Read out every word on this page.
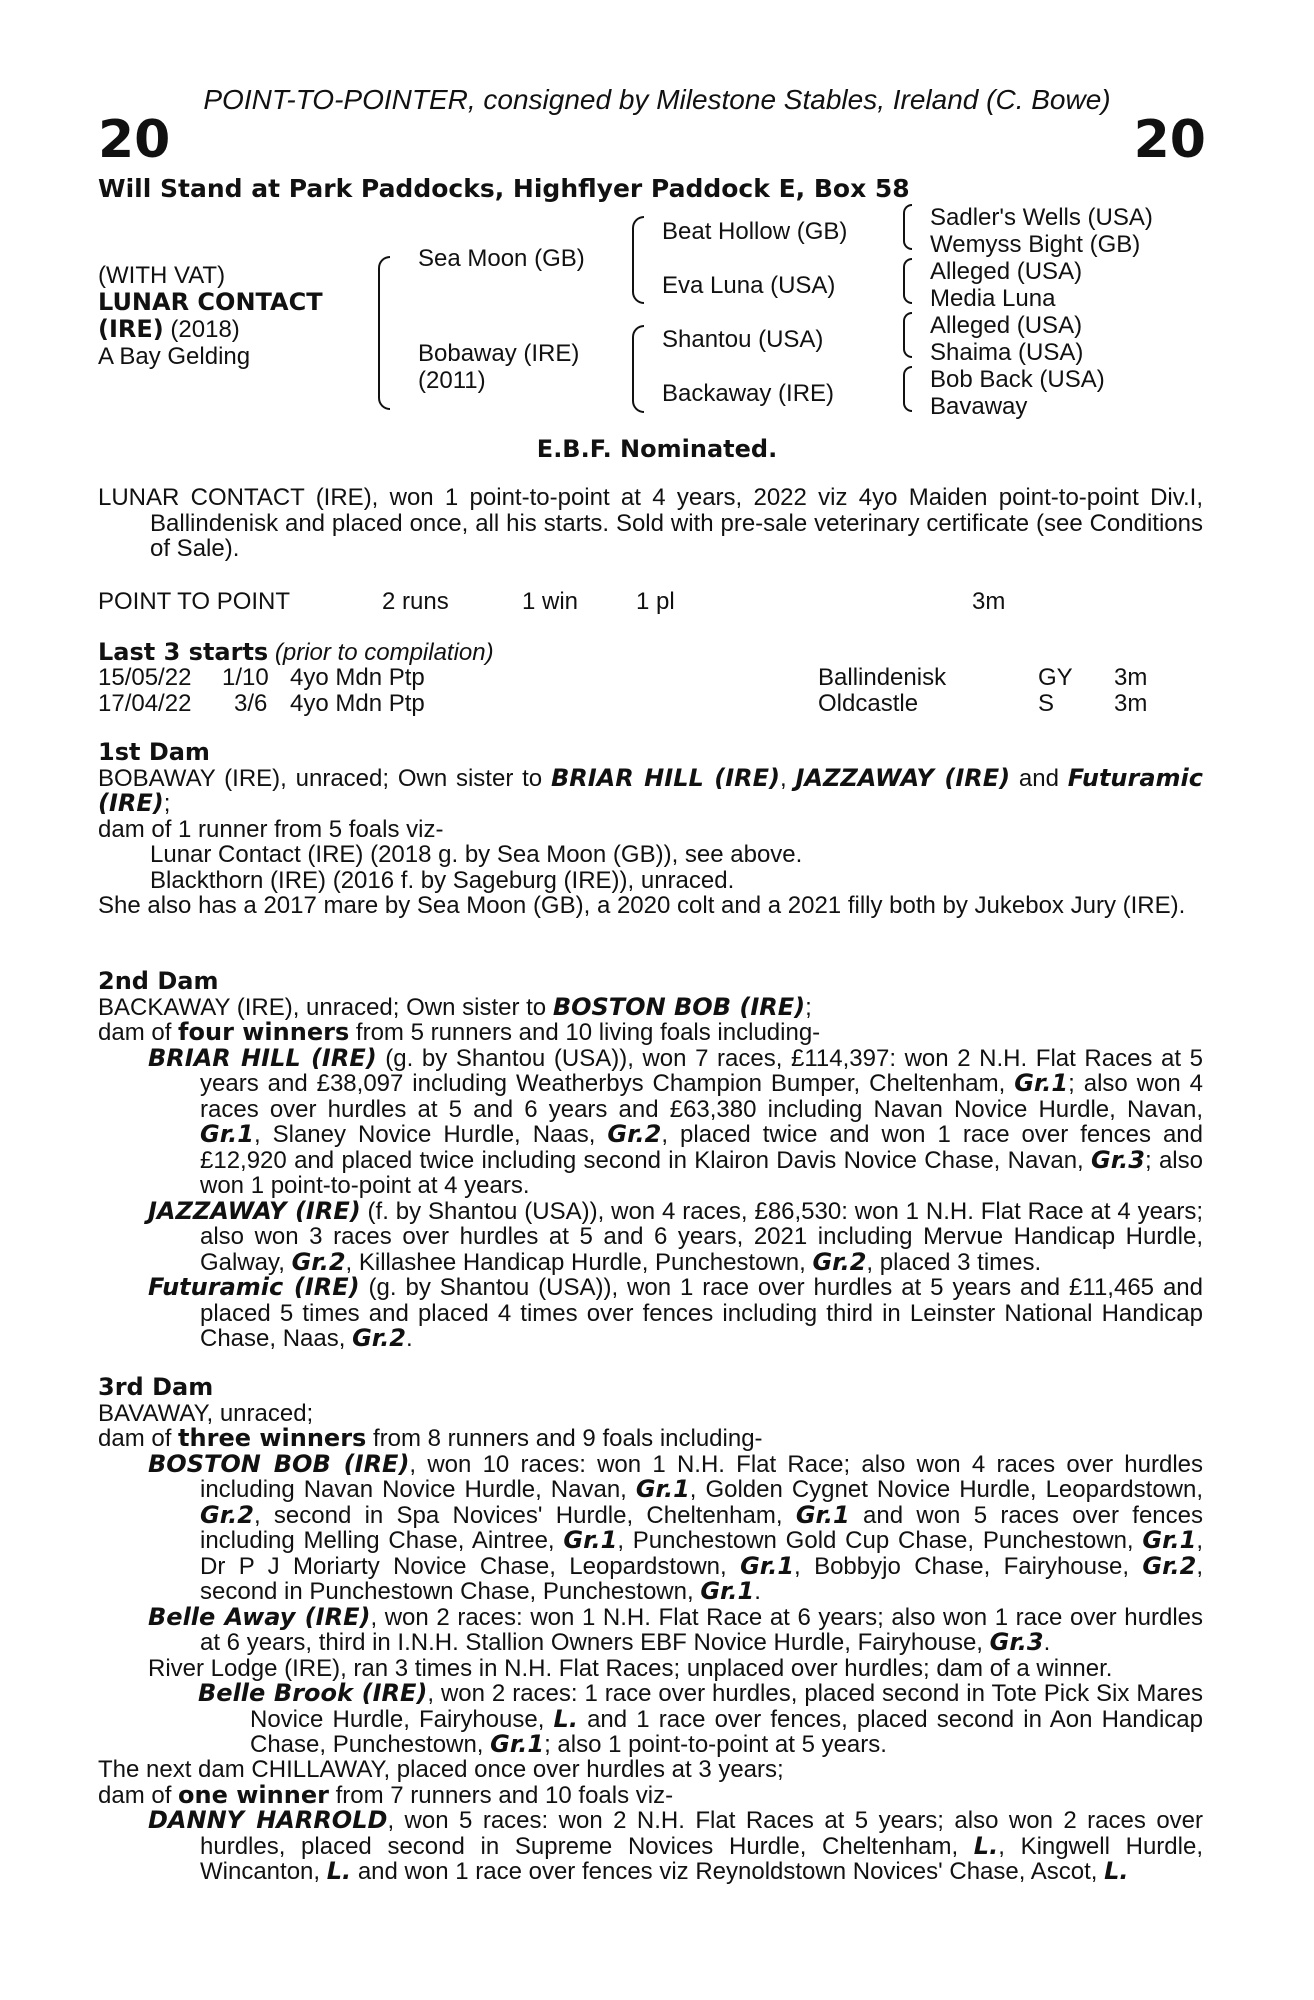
POINT-TO-POINTER, consigned by Milestone Stables, Ireland (C. Bowe)
20	20
Will Stand at Park Paddocks, Highflyer Paddock E, Box 58
(WITH VAT)
LUNAR CONTACT
(IRE) (2018)
A Bay Gelding
Sea Moon (GB)
Bobaway (IRE)
(2011)
Beat Hollow (GB)
Eva Luna (USA)
Shantou (USA)
Backaway (IRE)
Sadler's Wells (USA)
Wemyss Bight (GB)
Alleged (USA)
Media Luna
Alleged (USA)
Shaima (USA)
Bob Back (USA)
Bavaway
E.B.F. Nominated.

LUNAR CONTACT (IRE), won 1 point-to-point at 4 years, 2022 viz 4yo Maiden point-to-point Div.I, Ballindenisk and placed once, all his starts. Sold with pre-sale veterinary certificate (see Conditions of Sale).

POINT TO POINT	2 runs	1 win 1 pl	3m
Last 3 starts (prior to compilation)
15/05/22 1/10 4yo Mdn Ptp	Ballindenisk	GY 3m
17/04/22 3/6 4yo Mdn Ptp	Oldcastle	S 3m
1st Dam

BOBAWAY (IRE), unraced; Own sister to BRIAR HILL (IRE), JAZZAWAY (IRE) and Futuramic (IRE);

dam of 1 runner from 5 foals viz-

Lunar Contact (IRE) (2018 g. by Sea Moon (GB)), see above.

Blackthorn (IRE) (2016 f. by Sageburg (IRE)), unraced.

She also has a 2017 mare by Sea Moon (GB), a 2020 colt and a 2021 filly both by Jukebox Jury (IRE).

2nd Dam

BACKAWAY (IRE), unraced; Own sister to BOSTON BOB (IRE);

dam of four winners from 5 runners and 10 living foals including-

BRIAR HILL (IRE) (g. by Shantou (USA)), won 7 races, £114,397: won 2 N.H. Flat Races at 5 years and £38,097 including Weatherbys Champion Bumper, Cheltenham, Gr.1; also won 4 races over hurdles at 5 and 6 years and £63,380 including Navan Novice Hurdle, Navan, Gr.1, Slaney Novice Hurdle, Naas, Gr.2, placed twice and won 1 race over fences and £12,920 and placed twice including second in Klairon Davis Novice Chase, Navan, Gr.3; also won 1 point-to-point at 4 years.

JAZZAWAY (IRE) (f. by Shantou (USA)), won 4 races, £86,530: won 1 N.H. Flat Race at 4 years; also won 3 races over hurdles at 5 and 6 years, 2021 including Mervue Handicap Hurdle, Galway, Gr.2, Killashee Handicap Hurdle, Punchestown, Gr.2, placed 3 times.

Futuramic (IRE) (g. by Shantou (USA)), won 1 race over hurdles at 5 years and £11,465 and placed 5 times and placed 4 times over fences including third in Leinster National Handicap Chase, Naas, Gr.2.

3rd Dam

BAVAWAY, unraced;

dam of three winners from 8 runners and 9 foals including-

BOSTON BOB (IRE), won 10 races: won 1 N.H. Flat Race; also won 4 races over hurdles including Navan Novice Hurdle, Navan, Gr.1, Golden Cygnet Novice Hurdle, Leopardstown, Gr.2, second in Spa Novices' Hurdle, Cheltenham, Gr.1 and won 5 races over fences including Melling Chase, Aintree, Gr.1, Punchestown Gold Cup Chase, Punchestown, Gr.1, Dr P J Moriarty Novice Chase, Leopardstown, Gr.1, Bobbyjo Chase, Fairyhouse, Gr.2, second in Punchestown Chase, Punchestown, Gr.1.

Belle Away (IRE), won 2 races: won 1 N.H. Flat Race at 6 years; also won 1 race over hurdles at 6 years, third in I.N.H. Stallion Owners EBF Novice Hurdle, Fairyhouse, Gr.3.

River Lodge (IRE), ran 3 times in N.H. Flat Races; unplaced over hurdles; dam of a winner.

Belle Brook (IRE), won 2 races: 1 race over hurdles, placed second in Tote Pick Six Mares Novice Hurdle, Fairyhouse, L. and 1 race over fences, placed second in Aon Handicap Chase, Punchestown, Gr.1; also 1 point-to-point at 5 years.

The next dam CHILLAWAY, placed once over hurdles at 3 years;

dam of one winner from 7 runners and 10 foals viz-

DANNY HARROLD, won 5 races: won 2 N.H. Flat Races at 5 years; also won 2 races over hurdles, placed second in Supreme Novices Hurdle, Cheltenham, L., Kingwell Hurdle, Wincanton, L. and won 1 race over fences viz Reynoldstown Novices' Chase, Ascot, L.
